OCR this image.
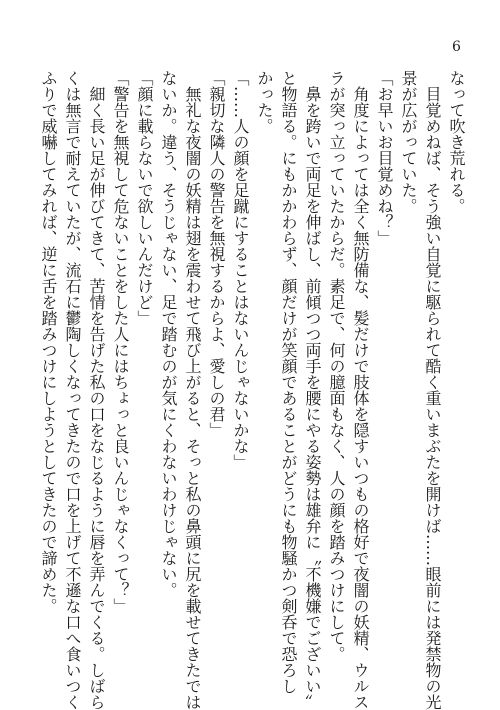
6

なって吹き荒れる。

目覚めねば、そう強い自覚に駆られて酷く重いまぶたを開けば……眼前には発禁物の光

景が広がっていた。

「お早いお目覚めね？」

角度によっては全く無防備な、髪だけで肢体を隠すいつもの格好で夜闇の妖精、ウルス

ラが突っ立っていたからだ。素足で、何の臆面もなく、人の顔を踏みつけにして。

鼻を跨いで両足を伸ばし、前傾つつ両手を腰にやる姿勢は雄弁に〝不機嫌でございい〟

と物語る。にもかかわらず、顔だけが笑顔であることがどうにも物騒かつ剣呑で恐ろし

かった。

「……人の顔を足蹴にすることはないんじゃないかな」

「親切な隣人の警告を無視するからよ、愛しの君」

無礼な夜闇の妖精は翅を震わせて飛び上がると、そっと私の鼻頭に尻を載せてきたでは

ないか。違う、そうじゃない、足で踏むのが気にくわないわけじゃない。

「顔に載らないで欲しいんだけど」

「警告を無視して危ないことをした人にはちょっと良いんじゃなくって？」

細く長い足が伸びてきて、苦情を告げた私の口をなじるように唇を弄んでくる。しばら

くは無言で耐えていたが、流石に鬱陶しくなってきたので口を上げて不遜な口へ食いつく

ふりで威嚇してみれば、逆に舌を踏みつけにしようとしてきたので諦めた。
